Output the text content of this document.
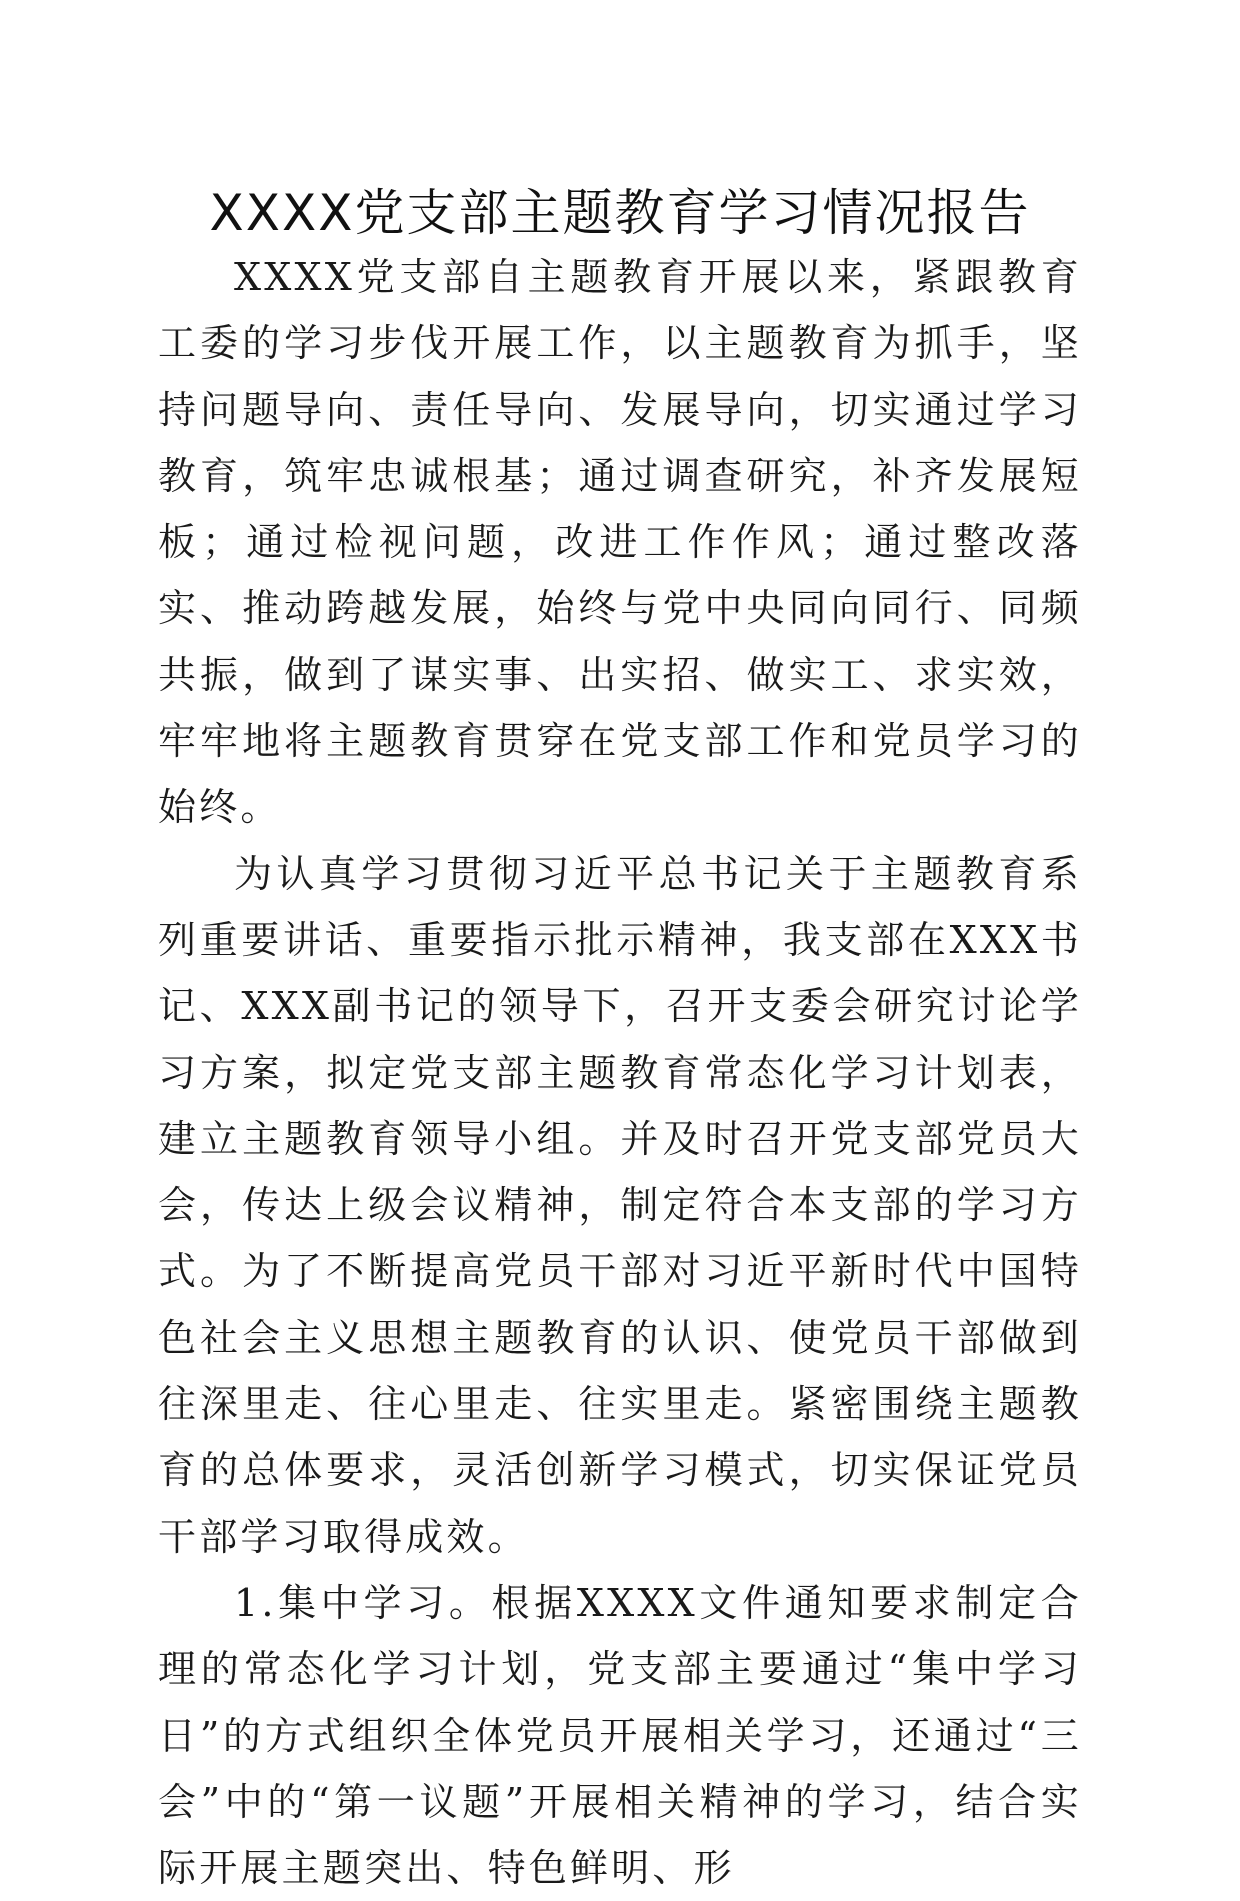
XXXX党支部主题教育学习情况报告

XXXX党支部自主题教育开展以来，紧跟教育工委的学习步伐开展工作，以主题教育为抓手，坚持问题导向、责任导向、发展导向，切实通过学习教育，筑牢忠诚根基；通过调查研究，补齐发展短板；通过检视问题，改进工作作风；通过整改落实、推动跨越发展，始终与党中央同向同行、同频共振，做到了谋实事、出实招、做实工、求实效，牢牢地将主题教育贯穿在党支部工作和党员学习的始终。

为认真学习贯彻习近平总书记关于主题教育系列重要讲话、重要指示批示精神，我支部在XXX书记、XXX副书记的领导下，召开支委会研究讨论学习方案，拟定党支部主题教育常态化学习计划表，建立主题教育领导小组。并及时召开党支部党员大会，传达上级会议精神，制定符合本支部的学习方式。为了不断提高党员干部对习近平新时代中国特色社会主义思想主题教育的认识、使党员干部做到往深里走、往心里走、往实里走。紧密围绕主题教育的总体要求，灵活创新学习模式，切实保证党员干部学习取得成效。

1.集中学习。根据XXXX文件通知要求制定合理的常态化学习计划，党支部主要通过“集中学习日”的方式组织全体党员开展相关学习，还通过“三会”中的“第一议题”开展相关精神的学习，结合实际开展主题突出、特色鲜明、形
